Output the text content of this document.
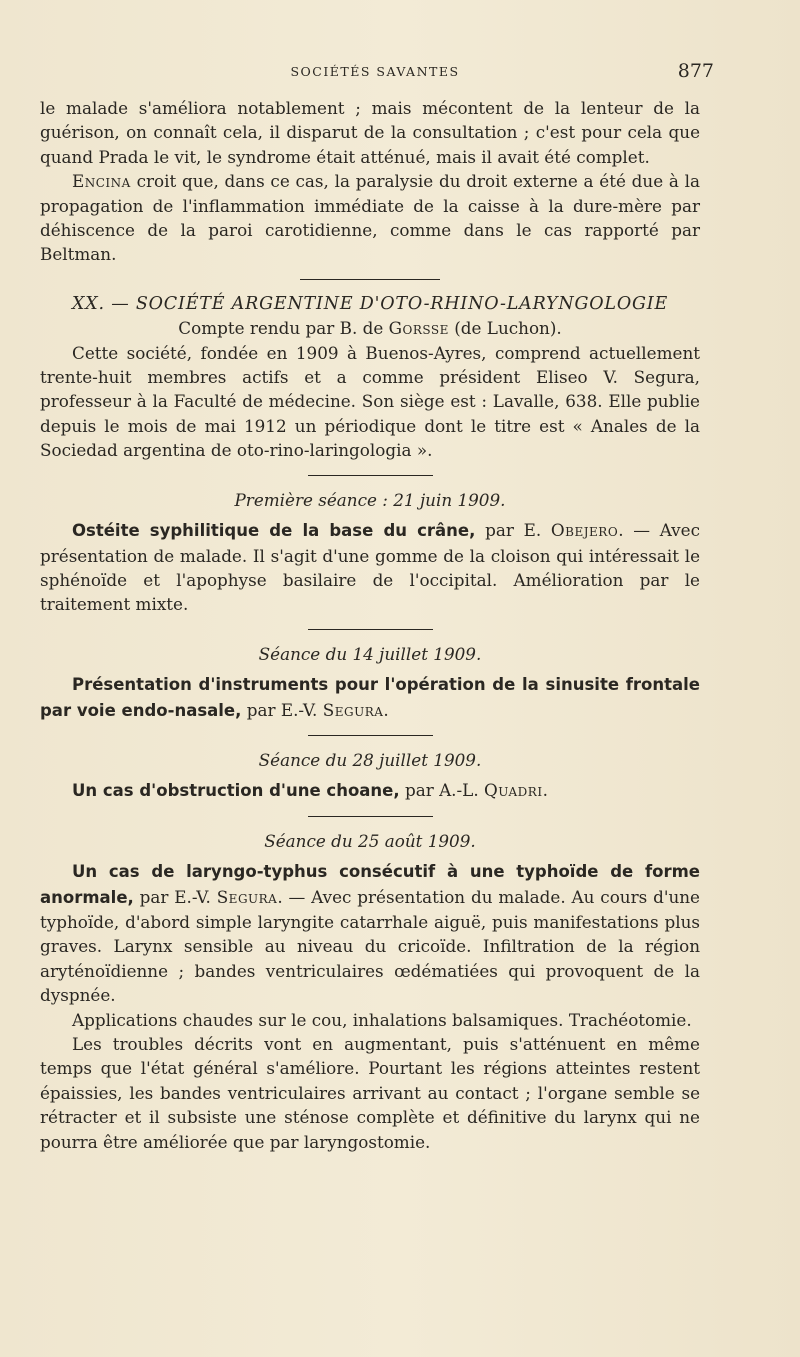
SOCIÉTÉS SAVANTES	877

le malade s'améliora notablement ; mais mécontent de la lenteur de la guérison, on connaît cela, il disparut de la consultation ; c'est pour cela que quand Prada le vit, le syndrome était atténué, mais il avait été complet.

Encina croit que, dans ce cas, la paralysie du droit externe a été due à la propagation de l'inflammation immédiate de la caisse à la dure-mère par déhiscence de la paroi carotidienne, comme dans le cas rapporté par Beltman.

XX. — SOCIÉTÉ ARGENTINE D'OTO-RHINO-LARYNGOLOGIE
Compte rendu par B. de Gorsse (de Luchon).

Cette société, fondée en 1909 à Buenos-Ayres, comprend actuellement trente-huit membres actifs et a comme président Eliseo V. Segura, professeur à la Faculté de médecine. Son siège est : Lavalle, 638. Elle publie depuis le mois de mai 1912 un périodique dont le titre est « Anales de la Sociedad argentina de oto-rino-laringologia ».

Première séance : 21 juin 1909.

Ostéite syphilitique de la base du crâne, par E. Obejero. — Avec présentation de malade. Il s'agit d'une gomme de la cloison qui intéressait le sphénoïde et l'apophyse basilaire de l'occipital. Amélioration par le traitement mixte.

Séance du 14 juillet 1909.

Présentation d'instruments pour l'opération de la sinusite frontale par voie endo-nasale, par E.-V. Segura.

Séance du 28 juillet 1909.

Un cas d'obstruction d'une choane, par A.-L. Quadri.

Séance du 25 août 1909.

Un cas de laryngo-typhus consécutif à une typhoïde de forme anormale, par E.-V. Segura. — Avec présentation du malade. Au cours d'une typhoïde, d'abord simple laryngite catarrhale aiguë, puis manifestations plus graves. Larynx sensible au niveau du cricoïde. Infiltration de la région aryténoïdienne ; bandes ventriculaires œdématiées qui provoquent de la dyspnée.

Applications chaudes sur le cou, inhalations balsamiques. Trachéotomie.

Les troubles décrits vont en augmentant, puis s'atténuent en même temps que l'état général s'améliore. Pourtant les régions atteintes restent épaissies, les bandes ventriculaires arrivant au contact ; l'organe semble se rétracter et il subsiste une sténose complète et définitive du larynx qui ne pourra être améliorée que par laryngostomie.
